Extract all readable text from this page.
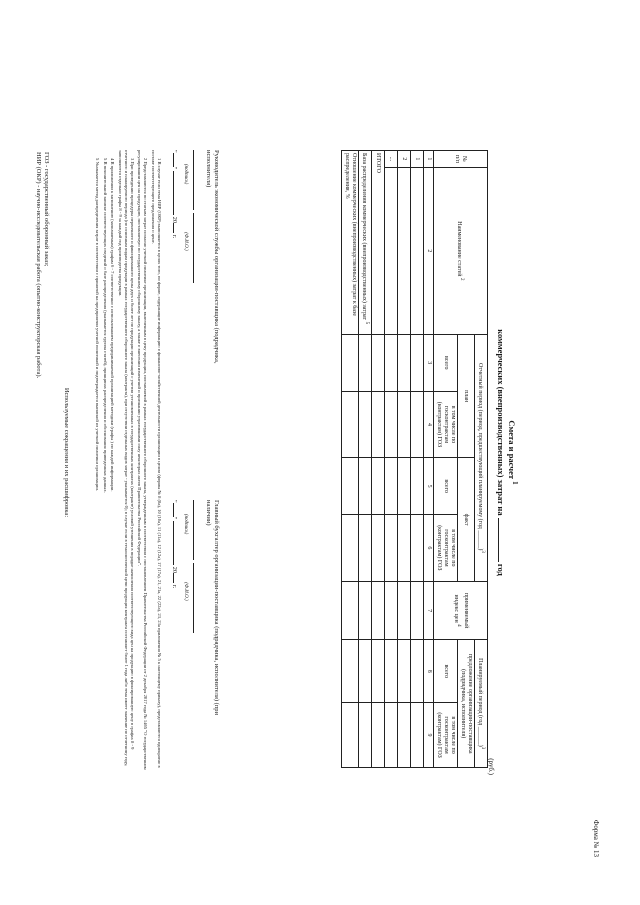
Форма № 13
Смета и расчет $^1$
коммерческих (внепроизводственных) затрат на  год
(руб.)
№ п/п	Наименование статей $^2$	Отчетный период (период, предшествующий планируемому (год ______)$^3$				применяемый индекс цен $^4$	Планируемый период (год ______)$^3$
		план		факт			предложение организации-поставщика (подрядчика, исполнителя)	
							всего	в том числе по госконтрактам (контрактам) ГОЗ
		всего	в том числе по госконтрактам (контрактам) ГОЗ	всего	в том числе по госконтрактам (контрактам) ГОЗ			
1	2	3	4	5	6	7	8	9
1								
2								
...								
ИТОГО								
База распределения коммерческих (внепроизводственных) затрат $^5$							
Отношение коммерческих (внепроизводственных) затрат к базе распределения, %								
Руководитель экономической службы организации-поставщика (подрядчика, исполнителя)

(подпись)(Ф.И.О.)
""  20 г.
Главный бухгалтер организации-поставщика (подрядчика, исполнителя) (при наличии)

(подпись)(Ф.И.О.)
""  20 г.

1 В случае если тема НИР (ОКР) выполняется в целях того, по форме, содержащие информацию о финансово-хозяйственной деятельности организации в целом (формы № 8 (8а), 10 (10а), 11 (11а), 12 (12а), 17 (17а), 21, 21а, 22 (22а), 23, 23а приложения № 5 к настоящему приказу), представляются однократно в составе соответствующего предложения о цене.

2 Представляются по статьям затрат согласно учетной политике организации, включенным в цену продукции, поставляемой в рамках государственного оборонного заказа, утвержденным в соответствии с постановлением Правительства Российской Федерации от 2 декабря 2017 года № 1465 "О государственном регулировании цен на продукцию, поставляемую по государственному оборонному заказу, а также о внесении изменений и признании утратившими силу некоторых актов Правительства Российской Федерации".

3 При проведении процедуры первичного и фиксированного цены двух и более лет по продукции организаций с учетом установленных в государственных контрактах (контракте) условий уточнения в порядке начисления соответствующего вида цен на продукцию в фиксированную цену в графах 8 - 9 отчетного и планируемого периода (по основным видам продукции в рамках государственного оборонного заказа (контракта), при отсутствии отдельных видов затрат - указывается 0); в случае если в технологической цепи продукция контракта составляет более 1 года либо тема имеет значение по отчетному году, заполняются отдельно графы 8 - 9 за каждый год производства продукции.

4 В приложении к заполнению (заполняемым) графам 6 - 7 соответственно с использованием предпринимаемой организацией методики (графы ) по каждой информации.

5 В пояснительной записке соответствующих сведений о базе распределения (указывается группа статей), принципах распределения и обоснования приведенных данных.

5 Указывается метод распределения затрат в соответствии с принятой на предприятии учетной политикой и подтверждается выпиской из учетной политики организации.

Используемые сокращения и их расшифровка:
ГОЗ - государственный оборонный заказ;
НИР (ОКР) - научно-исследовательская работа (опытно-конструкторская работа).
